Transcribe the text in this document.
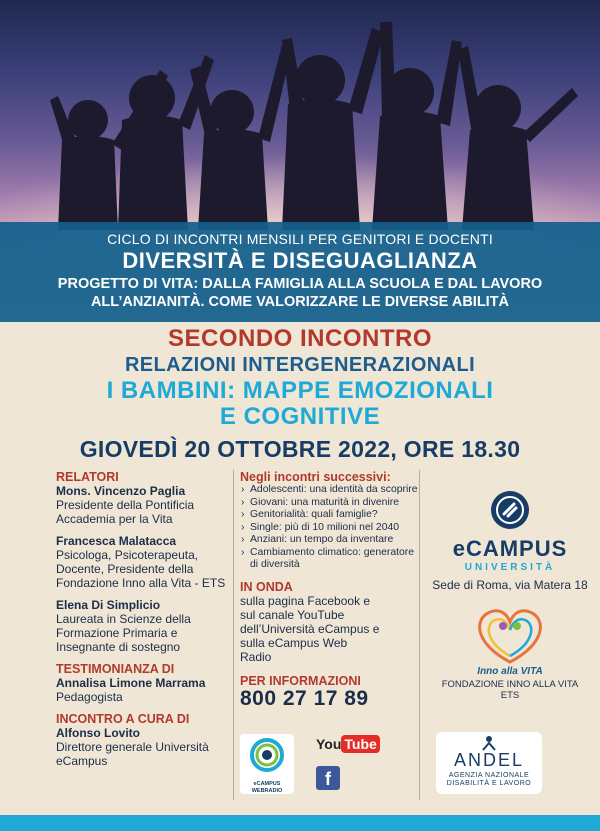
CICLO DI INCONTRI MENSILI PER GENITORI E DOCENTI
DIVERSITÀ E DISEGUAGLIANZA
PROGETTO DI VITA: DALLA FAMIGLIA ALLA SCUOLA E DAL LAVORO ALL’ANZIANITÀ. COME VALORIZZARE LE DIVERSE ABILITÀ
SECONDO INCONTRO
RELAZIONI INTERGENERAZIONALI
I BAMBINI: MAPPE EMOZIONALI
E COGNITIVE
GIOVEDÌ 20 OTTOBRE 2022, ORE 18.30
RELATORI
Mons. Vincenzo Paglia
Presidente della Pontificia Accademia per la Vita
Francesca Malatacca
Psicologa, Psicoterapeuta, Docente, Presidente della Fondazione Inno alla Vita - ETS
Elena Di Simplicio
Laureata in Scienze della Formazione Primaria e Insegnante di sostegno
TESTIMONIANZA DI
Annalisa Limone Marrama
Pedagogista
INCONTRO A CURA DI
Alfonso Lovito
Direttore generale Università eCampus
Negli incontri successivi:
› Adolescenti: una identità da scoprire
› Giovani: una maturità in divenire
› Genitorialità: quali famiglie?
› Single: più di 10 milioni nel 2040
› Anziani: un tempo da inventare
› Cambiamento climatico: generatore di diversità
IN ONDA
sulla pagina Facebook e sul canale YouTube dell’Università eCampus e sulla eCampus Web Radio
PER INFORMAZIONI
800 27 17 89
eCAMPUS WEBRADIO
You Tube
f
eCAMPUS
UNIVERSITÀ
Sede di Roma, via Matera 18
Inno alla VITA
FONDAZIONE INNO ALLA VITA
ETS
ANDEL
AGENZIA NAZIONALE
DISABILITÀ E LAVORO
